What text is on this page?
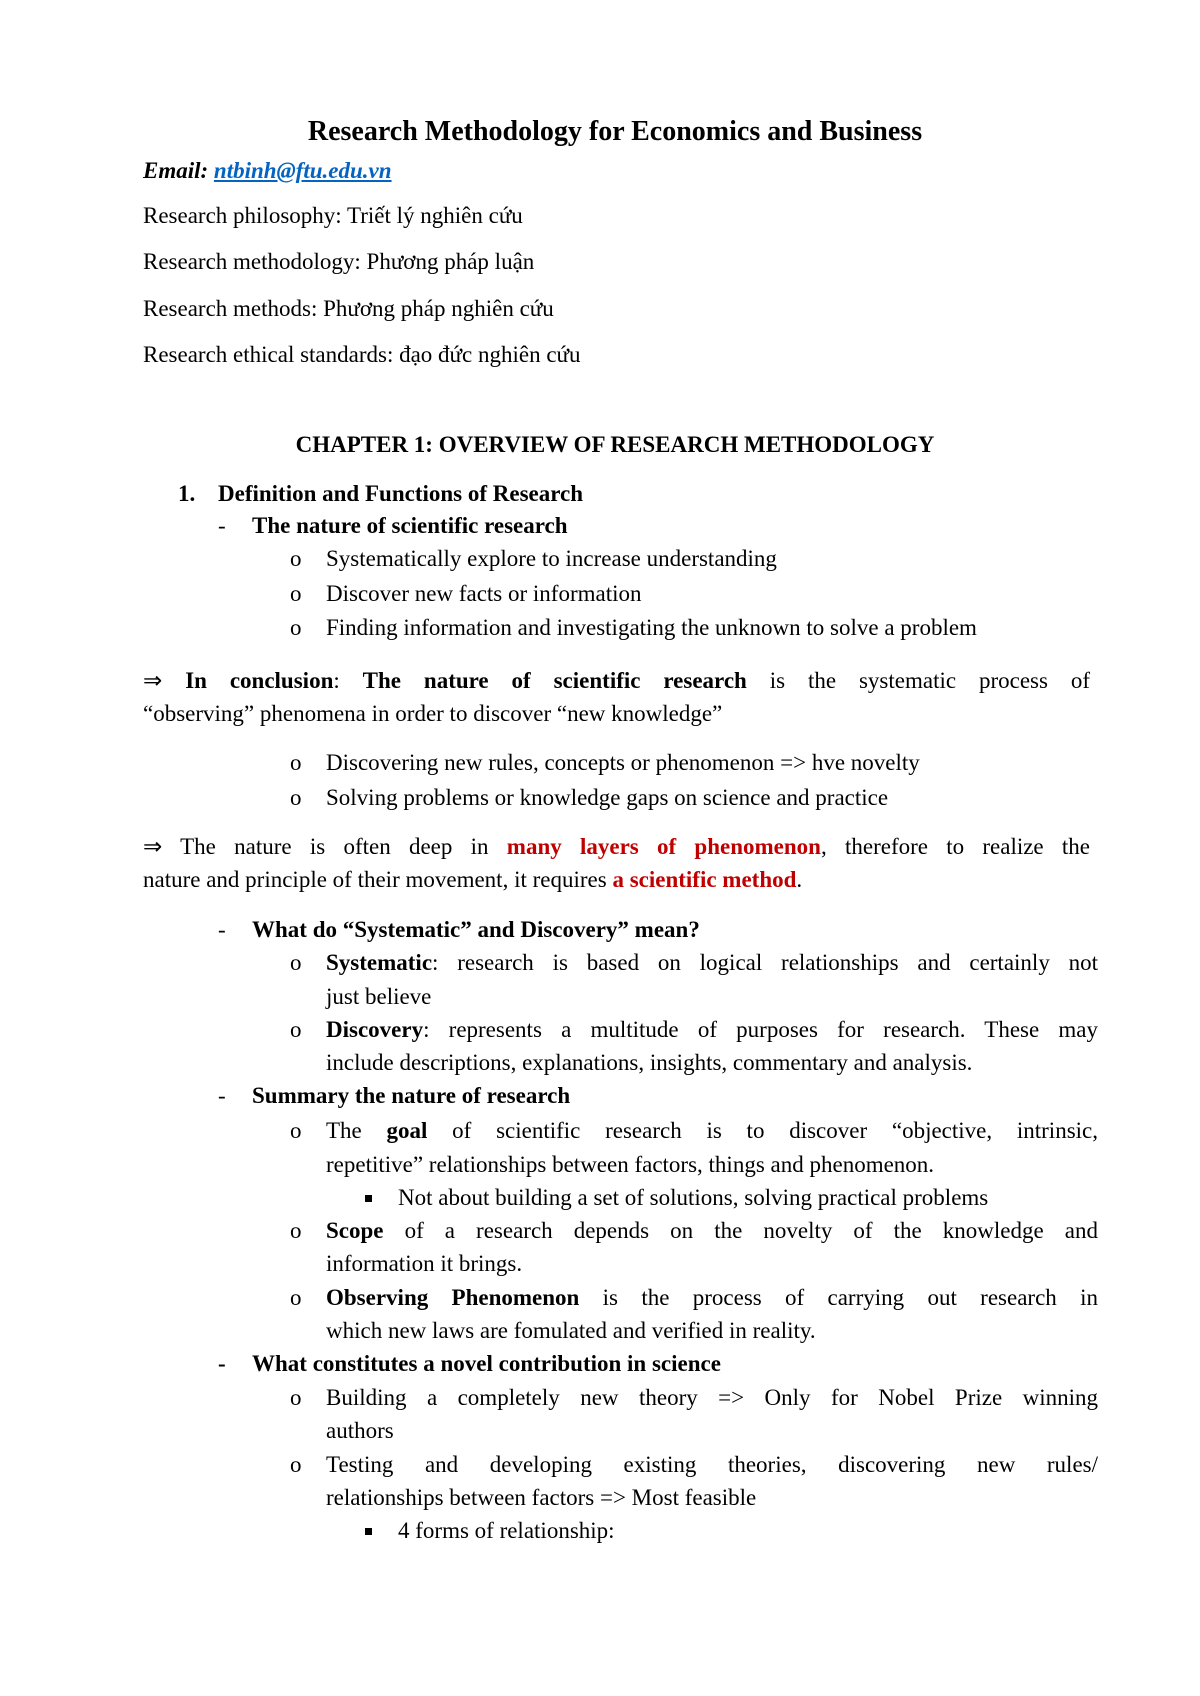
Research Methodology for Economics and Business
Email: ntbinh@ftu.edu.vn
Research philosophy: Triết lý nghiên cứu
Research methodology: Phương pháp luận
Research methods: Phương pháp nghiên cứu
Research ethical standards: đạo đức nghiên cứu
CHAPTER 1: OVERVIEW OF RESEARCH METHODOLOGY
1. Definition and Functions of Research
- The nature of scientific research
o Systematically explore to increase understanding
o Discover new facts or information
o Finding information and investigating the unknown to solve a problem
⇒ In conclusion: The nature of scientific research is the systematic process of
“observing” phenomena in order to discover “new knowledge”
o Discovering new rules, concepts or phenomenon => hve novelty
o Solving problems or knowledge gaps on science and practice
⇒ The nature is often deep in many layers of phenomenon, therefore to realize the
nature and principle of their movement, it requires a scientific method.
- What do “Systematic” and Discovery” mean?
o Systematic: research is based on logical relationships and certainly not
just believe
o Discovery: represents a multitude of purposes for research. These may
include descriptions, explanations, insights, commentary and analysis.
- Summary the nature of research
o The goal of scientific research is to discover “objective, intrinsic,
repetitive” relationships between factors, things and phenomenon.
Not about building a set of solutions, solving practical problems
o Scope of a research depends on the novelty of the knowledge and
information it brings.
o Observing Phenomenon is the process of carrying out research in
which new laws are fomulated and verified in reality.
- What constitutes a novel contribution in science
o Building a completely new theory => Only for Nobel Prize winning
authors
o Testing and developing existing theories, discovering new rules/
relationships between factors => Most feasible
4 forms of relationship:
